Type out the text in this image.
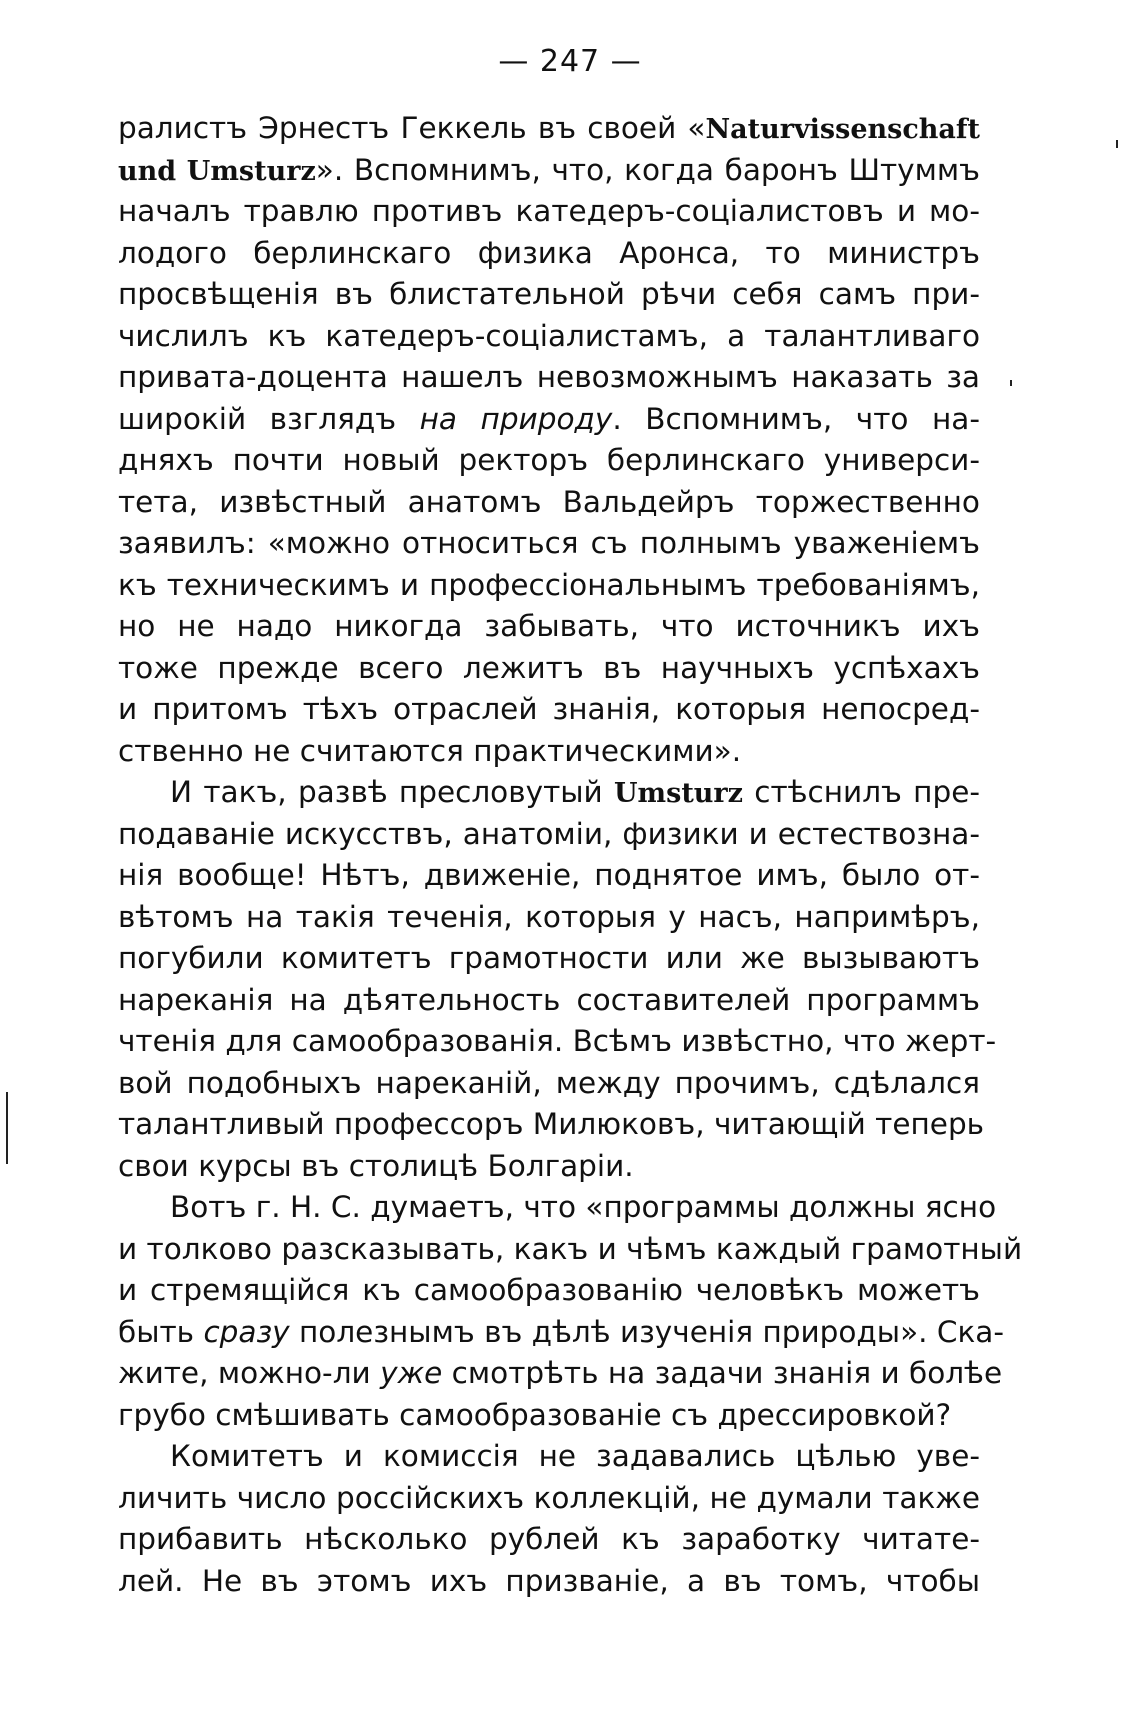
— 247 —
ралистъ Эрнестъ Геккель въ своей «Naturvissenschaft
und Umsturz». Вспомнимъ, что, когда баронъ Штуммъ
началъ травлю противъ катедеръ-соціалистовъ и мо-
лодого берлинскаго физика Аронса, то министръ
просвѣщенія въ блистательной рѣчи себя самъ при-
числилъ къ катедеръ-соціалистамъ, а талантливаго
привата-доцента нашелъ невозможнымъ наказать за
широкій взглядъ на природу. Вспомнимъ, что на-
дняхъ почти новый ректоръ берлинскаго универси-
тета, извѣстный анатомъ Вальдейръ торжественно
заявилъ: «можно относиться съ полнымъ уваженіемъ
къ техническимъ и профессіональнымъ требованіямъ,
но не надо никогда забывать, что источникъ ихъ
тоже прежде всего лежитъ въ научныхъ успѣхахъ
и притомъ тѣхъ отраслей знанія, которыя непосред-
ственно не считаются практическими».
И такъ, развѣ пресловутый Umsturz стѣснилъ пре-
подаваніе искусствъ, анатоміи, физики и естествозна-
нія вообще! Нѣтъ, движеніе, поднятое имъ, было от-
вѣтомъ на такія теченія, которыя у насъ, напримѣръ,
погубили комитетъ грамотности или же вызываютъ
нареканія на дѣятельность составителей программъ
чтенія для самообразованія. Всѣмъ извѣстно, что жерт-
вой подобныхъ нареканій, между прочимъ, сдѣлался
талантливый профессоръ Милюковъ, читающій теперь
свои курсы въ столицѣ Болгаріи.
Вотъ г. Н. С. думаетъ, что «программы должны ясно
и толково разсказывать, какъ и чѣмъ каждый грамотный
и стремящійся къ самообразованію человѣкъ можетъ
быть сразу полезнымъ въ дѣлѣ изученія природы». Ска-
жите, можно-ли уже смотрѣть на задачи знанія и болѣе
грубо смѣшивать самообразованіе съ дрессировкой?
Комитетъ и комиссія не задавались цѣлью уве-
личить число россійскихъ коллекцій, не думали также
прибавить нѣсколько рублей къ заработку читате-
лей. Не въ этомъ ихъ призваніе, а въ томъ, чтобы
